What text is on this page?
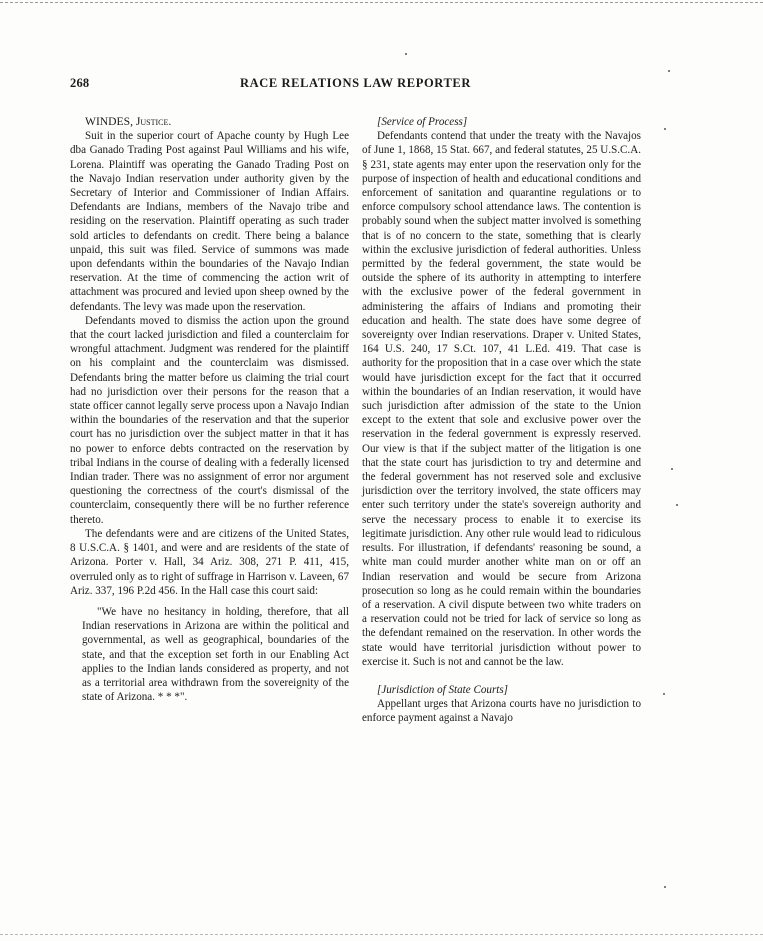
268	RACE RELATIONS LAW REPORTER

WINDES, Justice.

Suit in the superior court of Apache county by Hugh Lee dba Ganado Trading Post against Paul Williams and his wife, Lorena. Plaintiff was operating the Ganado Trading Post on the Navajo Indian reservation under authority given by the Secretary of Interior and Commissioner of Indian Affairs. Defendants are Indians, members of the Navajo tribe and residing on the reservation. Plaintiff operating as such trader sold articles to defendants on credit. There being a balance unpaid, this suit was filed. Service of summons was made upon defendants within the boundaries of the Navajo Indian reservation. At the time of commencing the action writ of attachment was procured and levied upon sheep owned by the defendants. The levy was made upon the reservation.

Defendants moved to dismiss the action upon the ground that the court lacked jurisdiction and filed a counterclaim for wrongful attachment. Judgment was rendered for the plaintiff on his complaint and the counterclaim was dismissed. Defendants bring the matter before us claiming the trial court had no jurisdiction over their persons for the reason that a state officer cannot legally serve process upon a Navajo Indian within the boundaries of the reservation and that the superior court has no jurisdiction over the subject matter in that it has no power to enforce debts contracted on the reservation by tribal Indians in the course of dealing with a federally licensed Indian trader. There was no assignment of error nor argument questioning the correctness of the court's dismissal of the counterclaim, consequently there will be no further reference thereto.

The defendants were and are citizens of the United States, 8 U.S.C.A. § 1401, and were and are residents of the state of Arizona. Porter v. Hall, 34 Ariz. 308, 271 P. 411, 415, overruled only as to right of suffrage in Harrison v. Laveen, 67 Ariz. 337, 196 P.2d 456. In the Hall case this court said:

"We have no hesitancy in holding, therefore, that all Indian reservations in Arizona are within the political and governmental, as well as geographical, boundaries of the state, and that the exception set forth in our Enabling Act applies to the Indian lands considered as property, and not as a territorial area withdrawn from the sovereignity of the state of Arizona. * * *".

[Service of Process]

Defendants contend that under the treaty with the Navajos of June 1, 1868, 15 Stat. 667, and federal statutes, 25 U.S.C.A. § 231, state agents may enter upon the reservation only for the purpose of inspection of health and educational conditions and enforcement of sanitation and quarantine regulations or to enforce compulsory school attendance laws. The contention is probably sound when the subject matter involved is something that is of no concern to the state, something that is clearly within the exclusive jurisdiction of federal authorities. Unless permitted by the federal government, the state would be outside the sphere of its authority in attempting to interfere with the exclusive power of the federal government in administering the affairs of Indians and promoting their education and health. The state does have some degree of sovereignty over Indian reservations. Draper v. United States, 164 U.S. 240, 17 S.Ct. 107, 41 L.Ed. 419. That case is authority for the proposition that in a case over which the state would have jurisdiction except for the fact that it occurred within the boundaries of an Indian reservation, it would have such jurisdiction after admission of the state to the Union except to the extent that sole and exclusive power over the reservation in the federal government is expressly reserved. Our view is that if the subject matter of the litigation is one that the state court has jurisdiction to try and determine and the federal government has not reserved sole and exclusive jurisdiction over the territory involved, the state officers may enter such territory under the state's sovereign authority and serve the necessary process to enable it to exercise its legitimate jurisdiction. Any other rule would lead to ridiculous results. For illustration, if defendants' reasoning be sound, a white man could murder another white man on or off an Indian reservation and would be secure from Arizona prosecution so long as he could remain within the boundaries of a reservation. A civil dispute between two white traders on a reservation could not be tried for lack of service so long as the defendant remained on the reservation. In other words the state would have territorial jurisdiction without power to exercise it. Such is not and cannot be the law.

[Jurisdiction of State Courts]

Appellant urges that Arizona courts have no jurisdiction to enforce payment against a Navajo
